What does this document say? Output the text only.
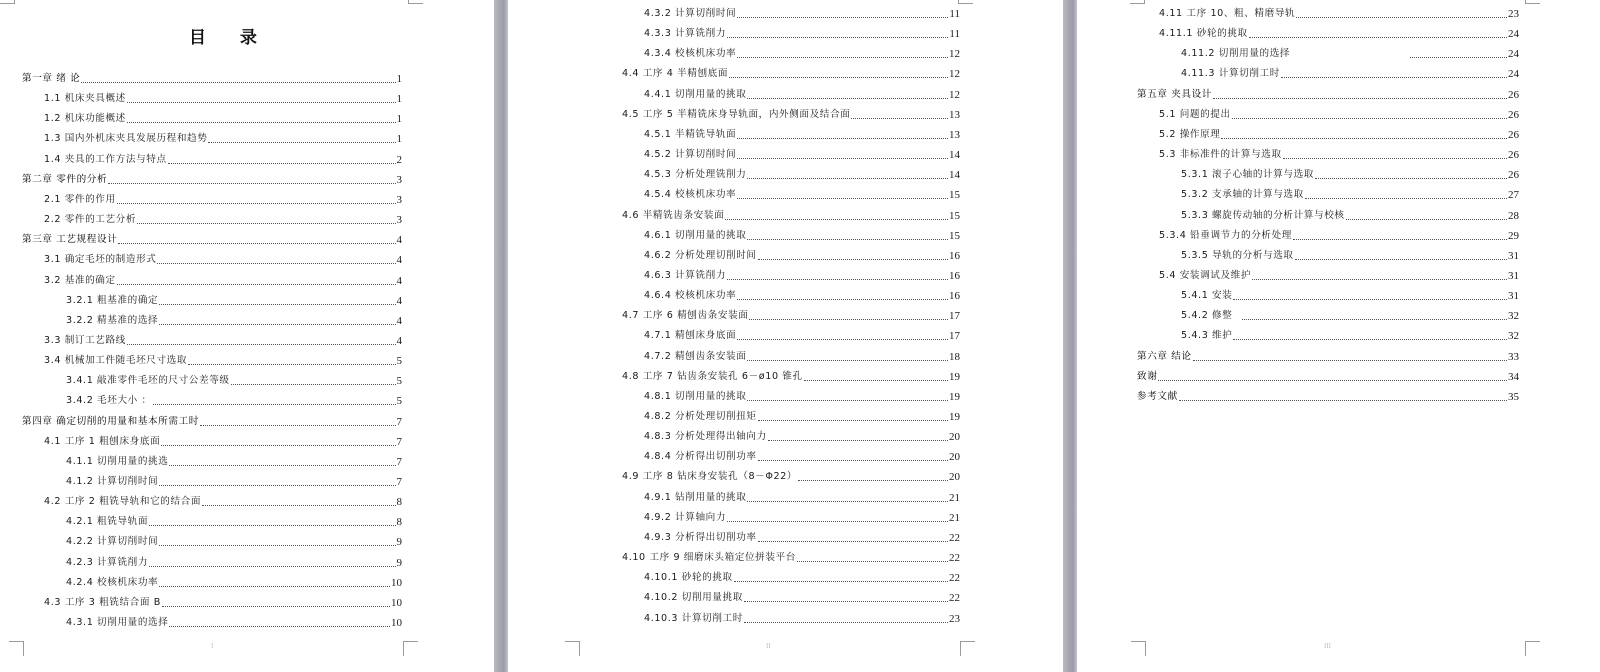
目 录
I
第一章 绪 论	1
1.1 机床夹具概述	1
1.2 机床功能概述	1
1.3 国内外机床夹具发展历程和趋势	1
1.4 夹具的工作方法与特点	2
第二章 零件的分析	3
2.1 零件的作用	3
2.2 零件的工艺分析	3
第三章 工艺规程设计	4
3.1 确定毛坯的制造形式	4
3.2 基准的确定	4
3.2.1 粗基准的确定	4
3.2.2 精基准的选择	4
3.3 制订工艺路线	4
3.4 机械加工件随毛坯尺寸选取	5
3.4.1 敲准零件毛坯的尺寸公差等级	5
3.4.2 毛坯大小 ：	5
第四章 确定切削的用量和基本所需工时	7
4.1 工序 1 粗刨床身底面	7
4.1.1 切削用量的挑选	7
4.1.2 计算切削时间	7
4.2 工序 2 粗铣导轨和它的结合面	8
4.2.1 粗铣导轨面	8
4.2.2 计算切削时间	9
4.2.3 计算铣削力	9
4.2.4 校核机床功率	10
4.3 工序 3 粗铣结合面 B	10
4.3.1 切削用量的选择	10
II
4.3.2 计算切削时间	11
4.3.3 计算铣削力	11
4.3.4 校核机床功率	12
4.4 工序 4 半精刨底面	12
4.4.1 切削用量的挑取	12
4.5 工序 5 半精铣床身导轨面，内外侧面及结合面	13
4.5.1 半精铣导轨面	13
4.5.2 计算切削时间	14
4.5.3 分析处理铣削力	14
4.5.4 校核机床功率	15
4.6 半精铣齿条安装面	15
4.6.1 切削用量的挑取	15
4.6.2 分析处理切削时间	16
4.6.3 计算铣削力	16
4.6.4 校核机床功率	16
4.7 工序 6 精刨齿条安装面	17
4.7.1 精刨床身底面	17
4.7.2 精刨齿条安装面	18
4.8 工序 7 钻齿条安装孔 6－ø10 锥孔	19
4.8.1 切削用量的挑取	19
4.8.2 分析处理切削扭矩	19
4.8.3 分析处理得出轴向力	20
4.8.4 分析得出切削功率	20
4.9 工序 8 钻床身安装孔（8－Φ22）	20
4.9.1 钻削用量的挑取	21
4.9.2 计算轴向力	21
4.9.3 分析得出切削功率	22
4.10 工序 9 细磨床头箱定位拼装平台	22
4.10.1 砂轮的挑取	22
4.10.2 切削用量挑取	22
4.10.3 计算切削工时	23
III
4.11 工序 10、粗、精磨导轨	23
4.11.1 砂轮的挑取	24
4.11.2 切削用量的选择	24
4.11.3 计算切削工时	24
第五章 夹具设计	26
5.1 问题的提出	26
5.2 操作原理	26
5.3 非标准件的计算与选取	26
5.3.1 滚子心轴的计算与选取	26
5.3.2 支承轴的计算与选取	27
5.3.3 螺旋传动轴的分析计算与校核	28
5.3.4 铅垂调节力的分析处理	29
5.3.5 导轨的分析与选取	31
5.4 安装调试及维护	31
5.4.1 安装	31
5.4.2 修整	32
5.4.3 维护	32
第六章 结论	33
致谢	34
参考文献	35
